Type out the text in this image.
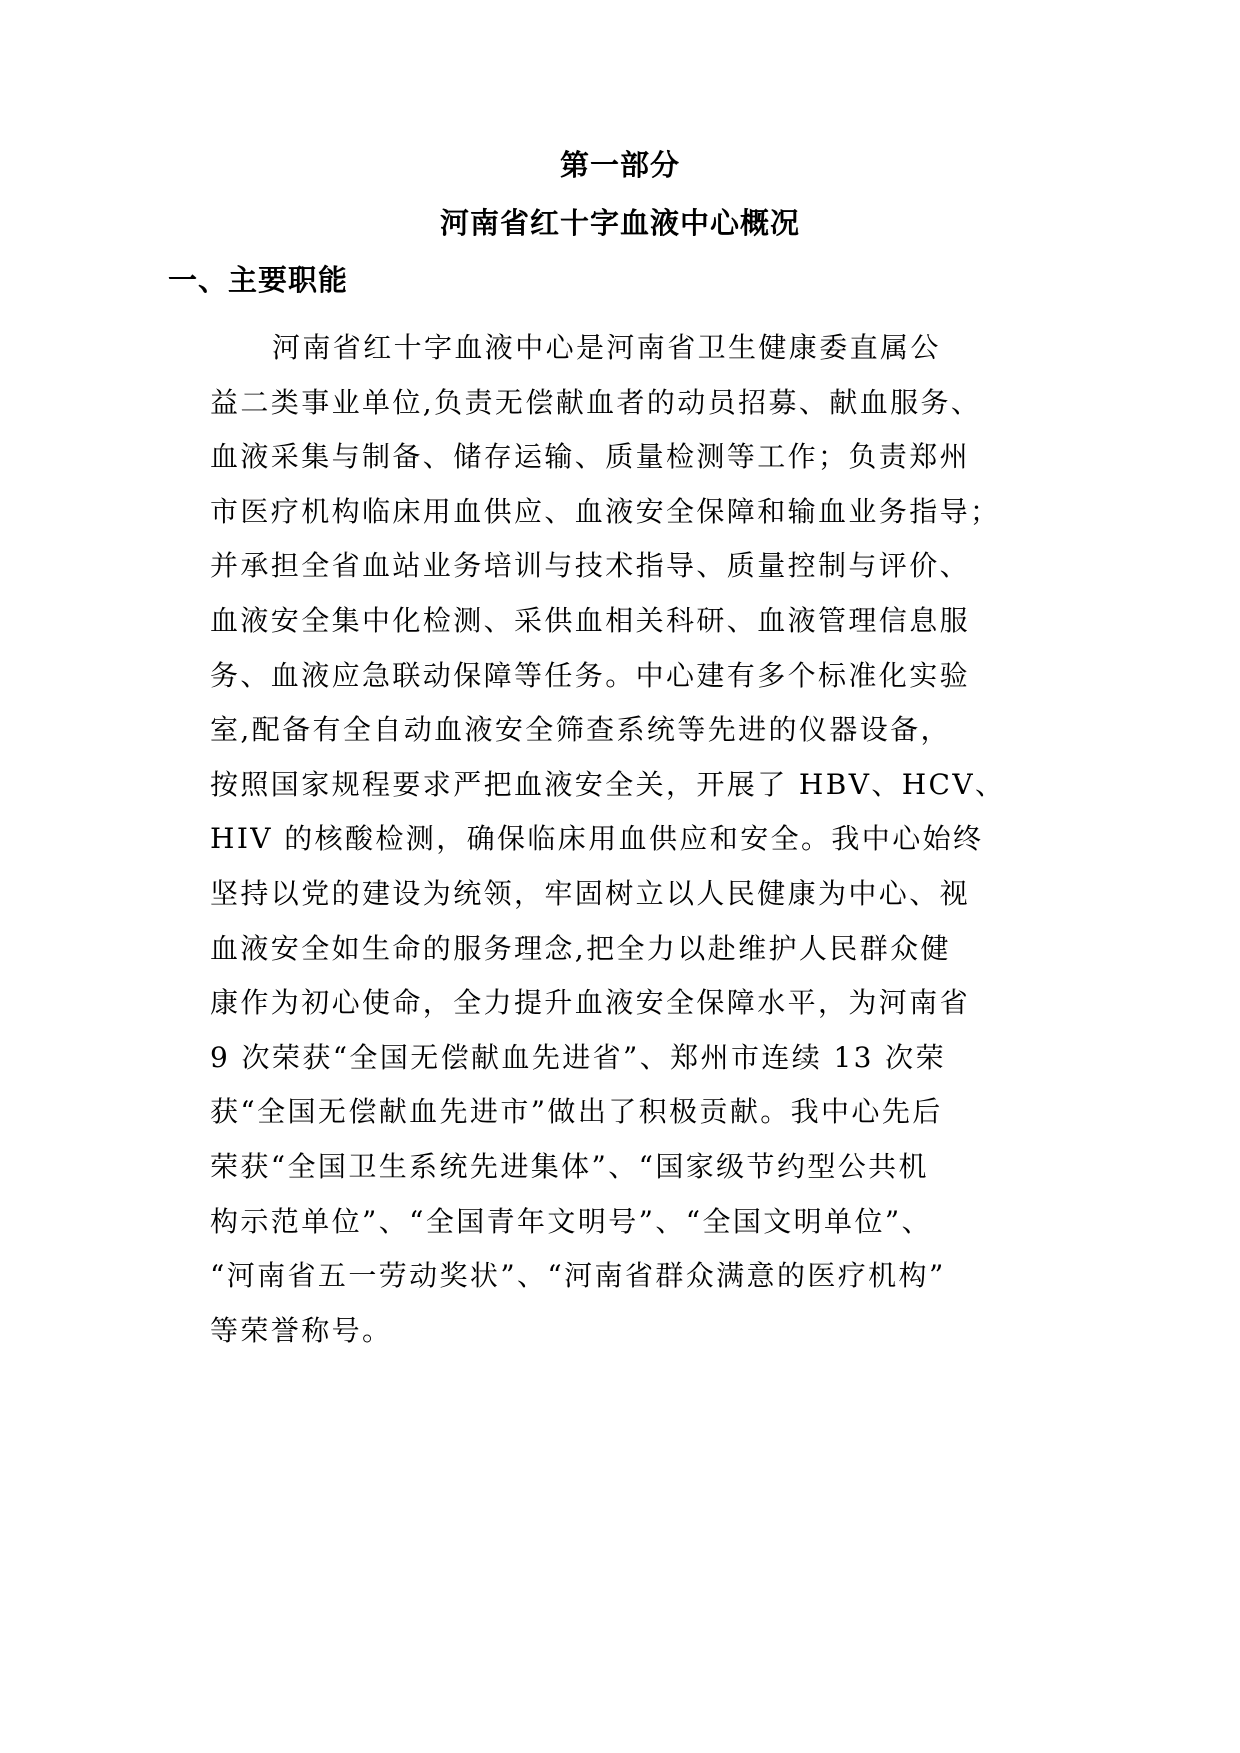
第一部分
河南省红十字血液中心概况
一、主要职能
河南省红十字血液中心是河南省卫生健康委直属公
益二类事业单位,负责无偿献血者的动员招募、献血服务、
血液采集与制备、储存运输、质量检测等工作；负责郑州
市医疗机构临床用血供应、血液安全保障和输血业务指导；
并承担全省血站业务培训与技术指导、质量控制与评价、
血液安全集中化检测、采供血相关科研、血液管理信息服
务、血液应急联动保障等任务。中心建有多个标准化实验
室,配备有全自动血液安全筛查系统等先进的仪器设备，
按照国家规程要求严把血液安全关，开展了 HBV、HCV、
HIV 的核酸检测，确保临床用血供应和安全。我中心始终
坚持以党的建设为统领，牢固树立以人民健康为中心、视
血液安全如生命的服务理念,把全力以赴维护人民群众健
康作为初心使命，全力提升血液安全保障水平，为河南省
9 次荣获“全国无偿献血先进省”、郑州市连续 13 次荣
获“全国无偿献血先进市”做出了积极贡献。我中心先后
荣获“全国卫生系统先进集体”、“国家级节约型公共机
构示范单位”、“全国青年文明号”、“全国文明单位”、
“河南省五一劳动奖状”、“河南省群众满意的医疗机构”
等荣誉称号。
